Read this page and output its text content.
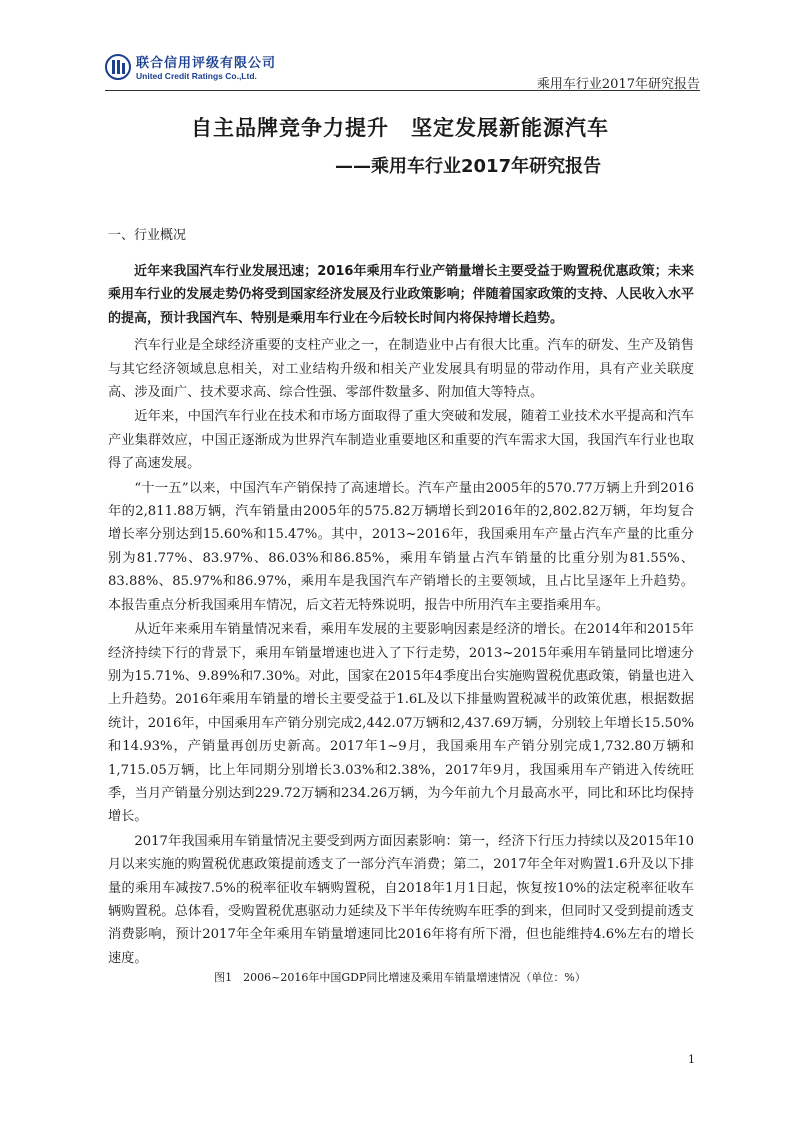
联合信用评级有限公司
United Credit Ratings Co.,Ltd.
乘用车行业2017年研究报告
自主品牌竞争力提升　坚定发展新能源汽车
——乘用车行业2017年研究报告
一、行业概况

近年来我国汽车行业发展迅速；2016年乘用车行业产销量增长主要受益于购置税优惠政策；未来乘用车行业的发展走势仍将受到国家经济发展及行业政策影响；伴随着国家政策的支持、人民收入水平的提高，预计我国汽车、特别是乘用车行业在今后较长时间内将保持增长趋势。

汽车行业是全球经济重要的支柱产业之一，在制造业中占有很大比重。汽车的研发、生产及销售与其它经济领域息息相关，对工业结构升级和相关产业发展具有明显的带动作用，具有产业关联度高、涉及面广、技术要求高、综合性强、零部件数量多、附加值大等特点。

近年来，中国汽车行业在技术和市场方面取得了重大突破和发展，随着工业技术水平提高和汽车产业集群效应，中国正逐渐成为世界汽车制造业重要地区和重要的汽车需求大国，我国汽车行业也取得了高速发展。

“十一五”以来，中国汽车产销保持了高速增长。汽车产量由2005年的570.77万辆上升到2016年的2,811.88万辆，汽车销量由2005年的575.82万辆增长到2016年的2,802.82万辆，年均复合增长率分别达到15.60%和15.47%。其中，2013~2016年，我国乘用车产量占汽车产量的比重分别为81.77%、83.97%、86.03%和86.85%，乘用车销量占汽车销量的比重分别为81.55%、83.88%、85.97%和86.97%，乘用车是我国汽车产销增长的主要领域，且占比呈逐年上升趋势。本报告重点分析我国乘用车情况，后文若无特殊说明，报告中所用汽车主要指乘用车。

从近年来乘用车销量情况来看，乘用车发展的主要影响因素是经济的增长。在2014年和2015年经济持续下行的背景下，乘用车销量增速也进入了下行走势，2013~2015年乘用车销量同比增速分别为15.71%、9.89%和7.30%。对此，国家在2015年4季度出台实施购置税优惠政策，销量也进入上升趋势。2016年乘用车销量的增长主要受益于1.6L及以下排量购置税减半的政策优惠，根据数据统计，2016年，中国乘用车产销分别完成2,442.07万辆和2,437.69万辆，分别较上年增长15.50%和14.93%，产销量再创历史新高。2017年1~9月，我国乘用车产销分别完成1,732.80万辆和1,715.05万辆，比上年同期分别增长3.03%和2.38%，2017年9月，我国乘用车产销进入传统旺季，当月产销量分别达到229.72万辆和234.26万辆，为今年前九个月最高水平，同比和环比均保持增长。

2017年我国乘用车销量情况主要受到两方面因素影响：第一，经济下行压力持续以及2015年10月以来实施的购置税优惠政策提前透支了一部分汽车消费；第二，2017年全年对购置1.6升及以下排量的乘用车减按7.5%的税率征收车辆购置税，自2018年1月1日起，恢复按10%的法定税率征收车辆购置税。总体看，受购置税优惠驱动力延续及下半年传统购车旺季的到来，但同时又受到提前透支消费影响，预计2017年全年乘用车销量增速同比2016年将有所下滑，但也能维持4.6%左右的增长速度。

图1　2006~2016年中国GDP同比增速及乘用车销量增速情况（单位：%）
1
